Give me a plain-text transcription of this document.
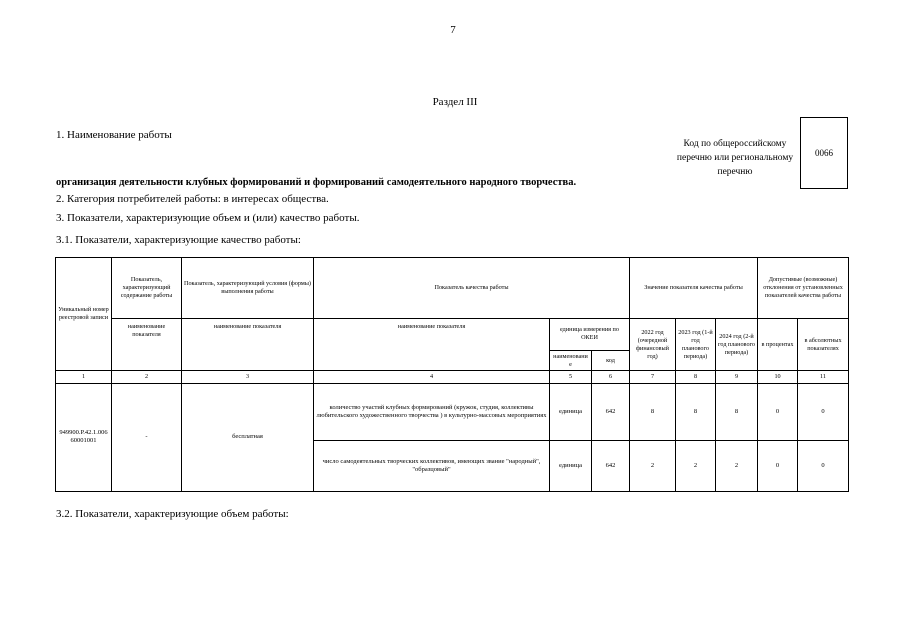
7
Раздел III
1. Наименование работы
Код по общероссийскому перечню или региональному перечню
0066
организация деятельности клубных формирований и формирований самодеятельного народного творчества.
2. Категория потребителей работы: в интересах общества.
3. Показатели, характеризующие объем и (или) качество работы.
3.1. Показатели, характеризующие качество работы:
Уникальный номер реестровой записи	Показатель, характеризующий содержание работы	Показатель, характеризующий условия (формы) выполнения работы	Показатель качества работы			Значение показателя качества работы			Допустимые (возможные) отклонения от установленных показателей качества работы	
	наименование показателя	наименование показателя	наименование показателя	единица измерения по ОКЕИ		2022 год (очередной финансовый год)	2023 год (1-й год планового периода)	2024 год (2-й год планового периода)	в процентах	в абсолютных показателях
				наименование	код					
1	2	3	4	5	6	7	8	9	10	11
949900.Р.42.1.00660001001	-	бесплатная	количество участий клубных формирований (кружок, студия, коллективы любительского художественного творчества ) в культурно-массовых мероприятиях	единица	642	8	8	8	0	0
			число самодеятельных творческих коллективов, имеющих звание "народный", "образцовый"	единица	642	2	2	2	0	0
3.2. Показатели, характеризующие объем работы:
